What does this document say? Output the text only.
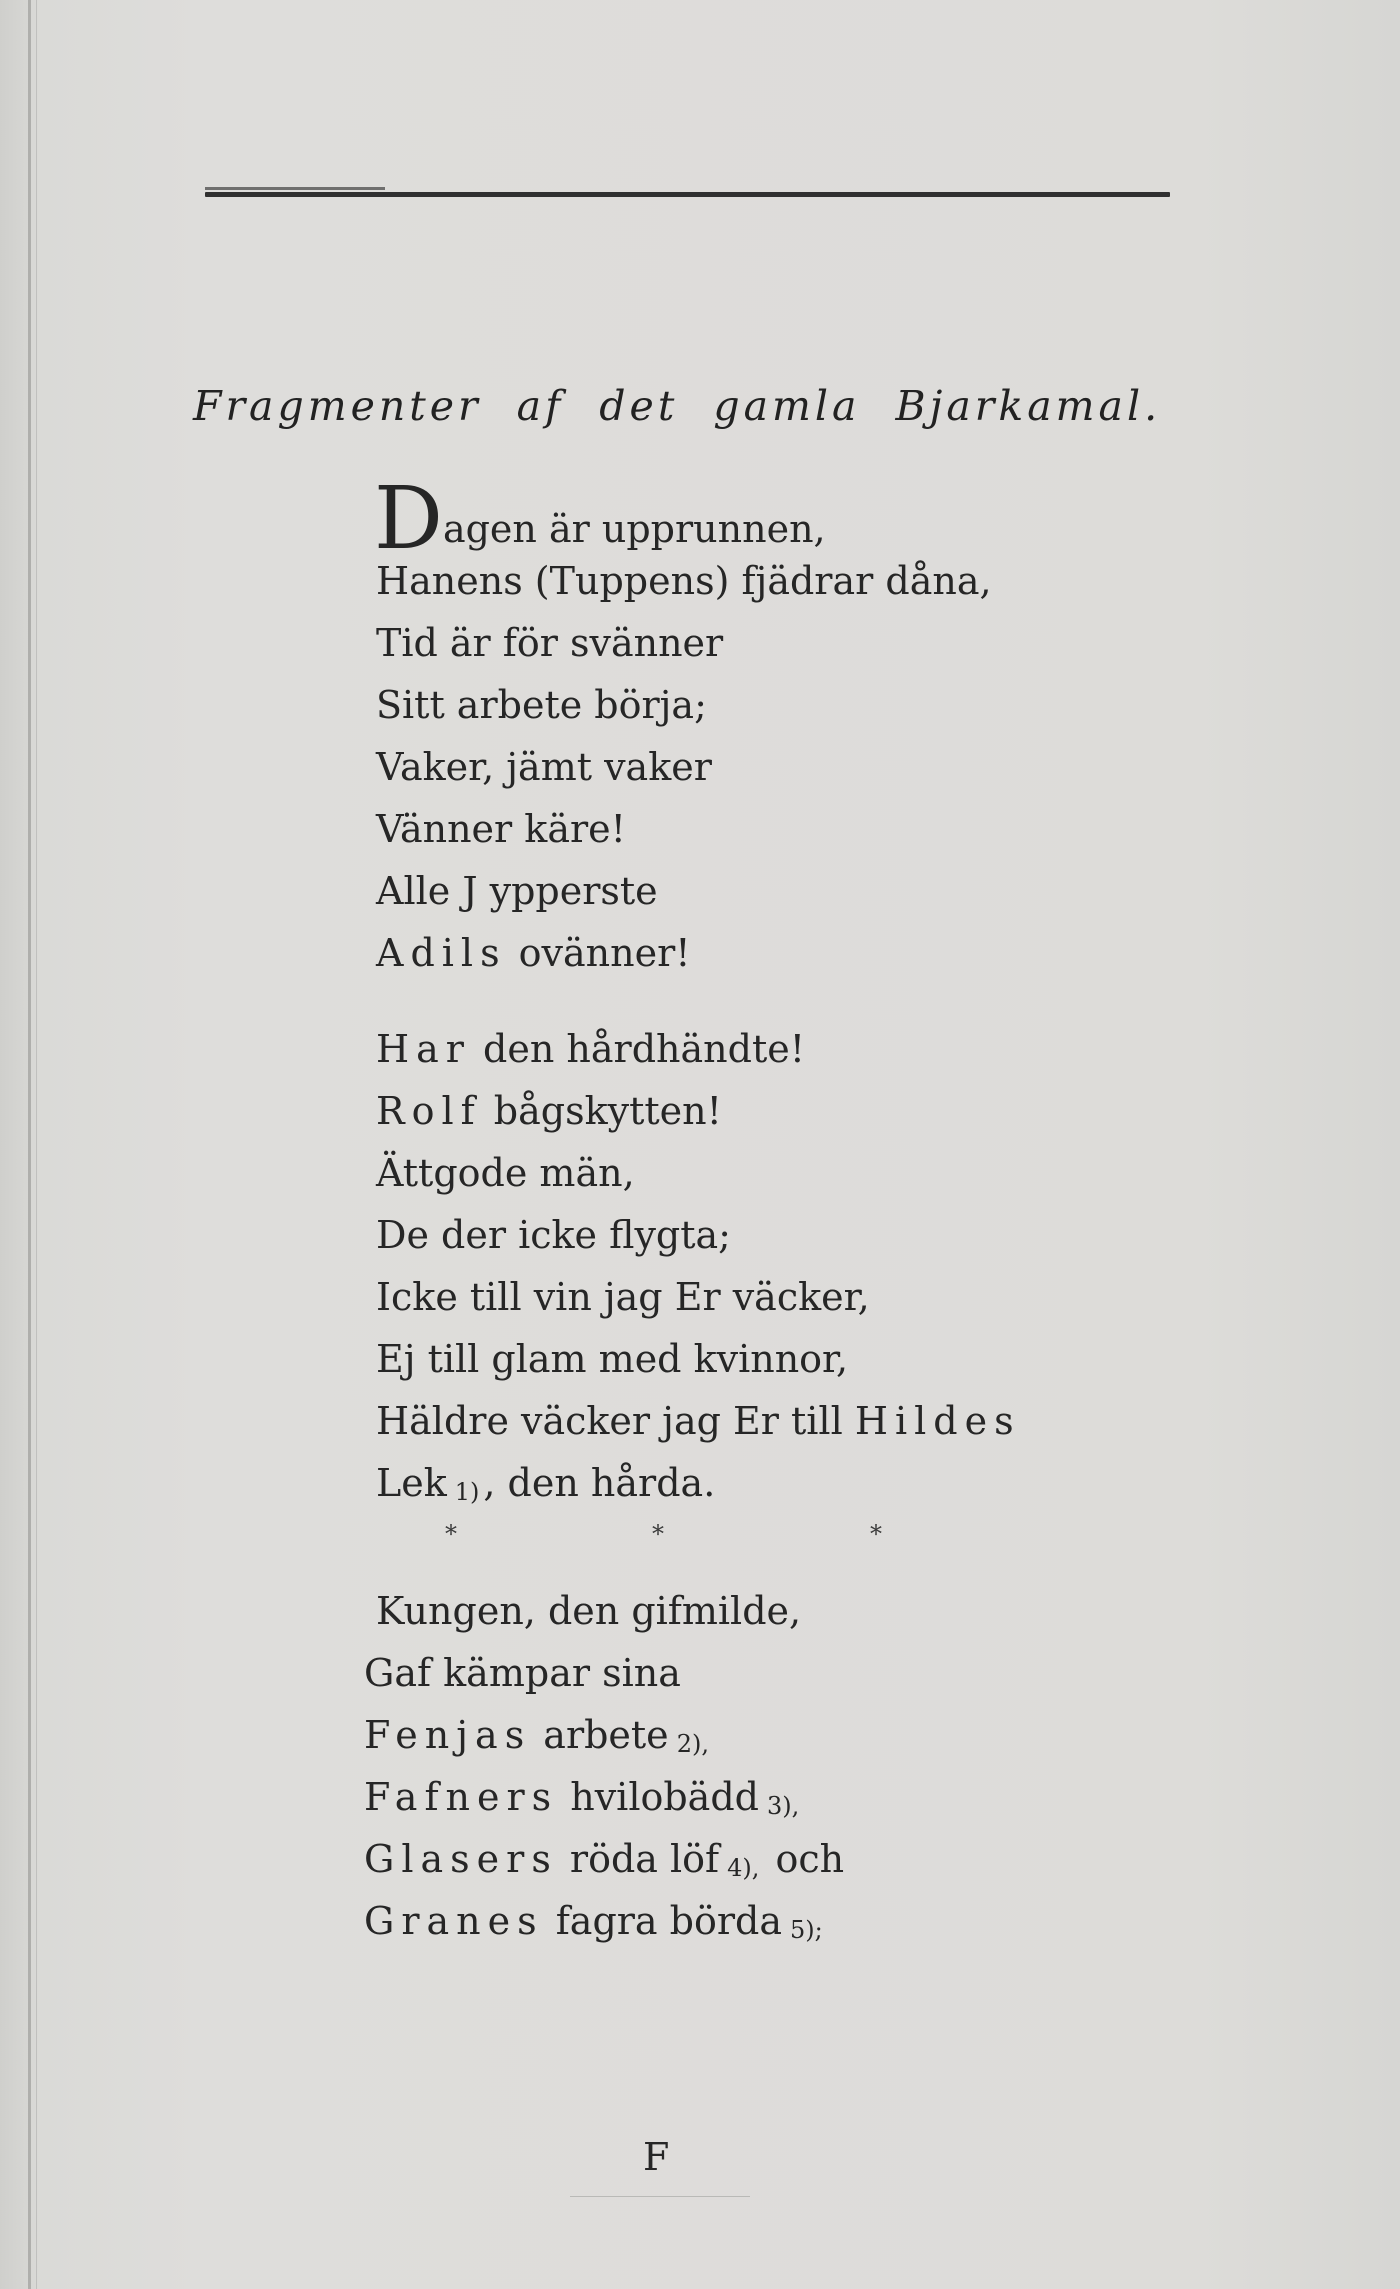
Fragmenter af det gamla Bjarkamal.
Dagen är upprunnen,
Hanens (Tuppens) fjädrar dåna,
Tid är för svänner
Sitt arbete börja;
Vaker, jämt vaker
Vänner käre!
Alle J ypperste
Adils ovänner!
Har den hårdhändte!
Rolf bågskytten!
Ättgode män,
De der icke flygta;
Icke till vin jag Er väcker,
Ej till glam med kvinnor,
Häldre väcker jag Er till Hildes
Lek 1) , den hårda.
*	*	*
Kungen, den gifmilde,
Gaf kämpar sina
Fenjas arbete 2),
Fafners hvilobädd 3),
Glasers röda löf 4), och
Granes fagra börda 5);
F
